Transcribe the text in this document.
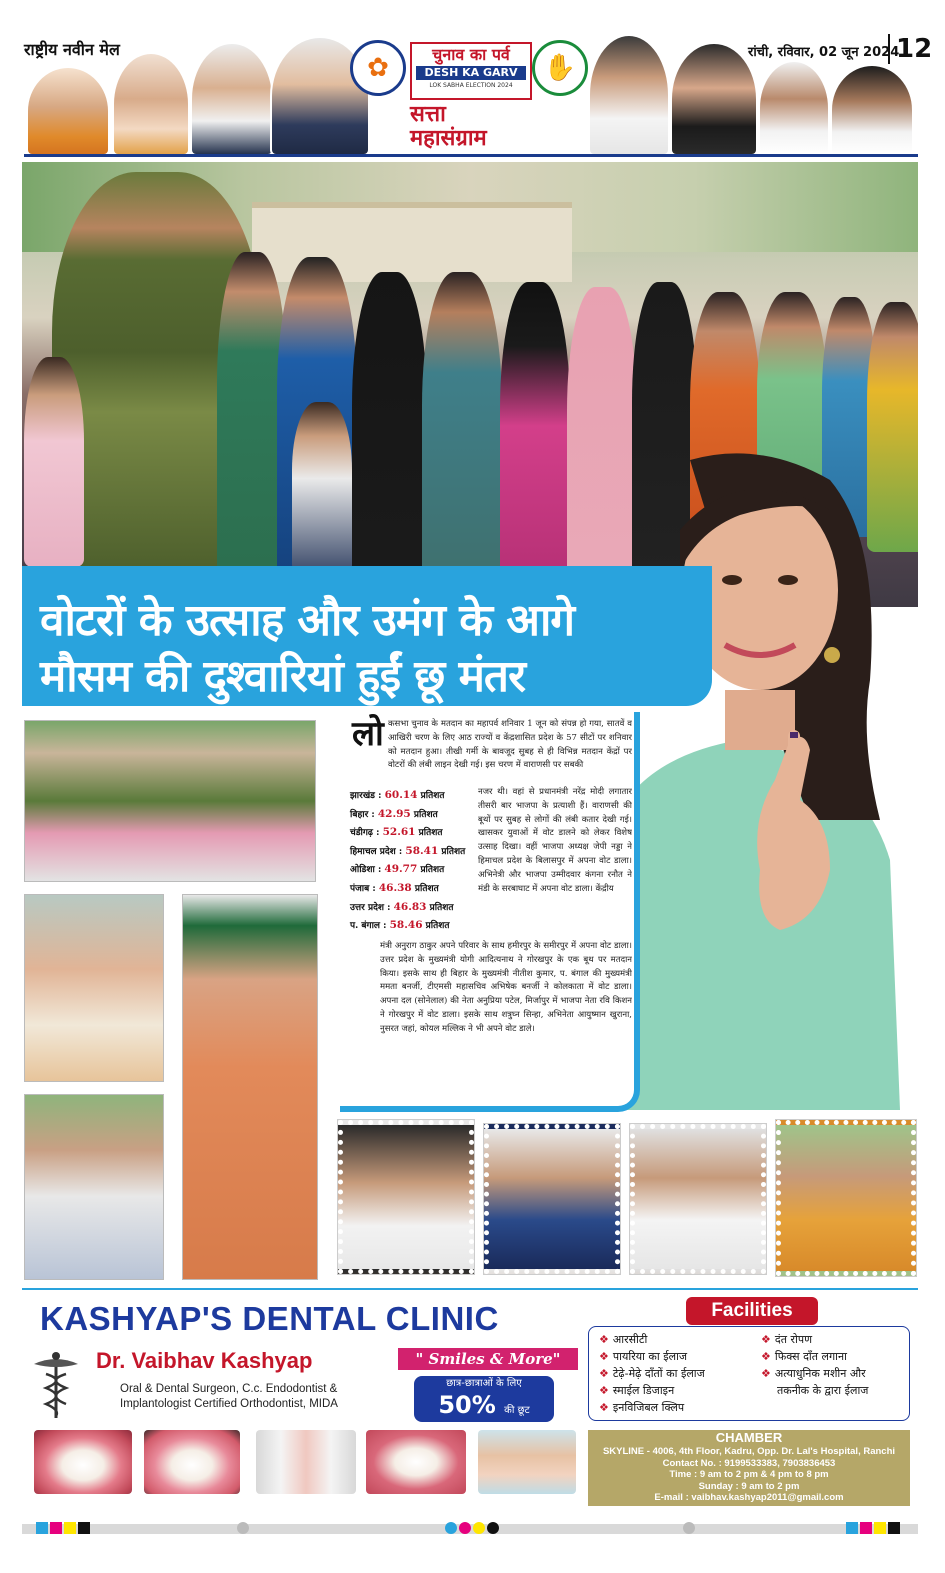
राष्ट्रीय नवीन मेल
✿	चुनाव का पर्व
DESH KA GARV
LOK SABHA ELECTION 2024
सत्ता
महासंग्राम
✋
रांची, रविवार, 02 जून 2024
12
वोटरों के उत्साह और उमंग के आगे
मौसम की दुश्वारियां हुईं छू मंतर
लो कसभा चुनाव के मतदान का महापर्व शनिवार 1 जून को संपन्न हो गया, सातवें व आखिरी चरण के लिए आठ राज्यों व केंद्रशासित प्रदेश के 57 सीटों पर शनिवार को मतदान हुआ। तीखी गर्मी के बावजूद सुबह से ही विभिन्न मतदान केंद्रों पर वोटरों की लंबी लाइन देखी गई। इस चरण में वाराणसी पर सबकी
नजर थी। वहां से प्रधानमंत्री नरेंद्र मोदी लगातार तीसरी बार भाजपा के प्रत्याशी हैं। वाराणसी की बूथों पर सुबह से लोगों की लंबी कतार देखी गई। खासकर युवाओं में वोट डालने को लेकर विशेष उत्साह दिखा। वहीं भाजपा अध्यक्ष जेपी नड्डा ने हिमाचल प्रदेश के बिलासपुर में अपना वोट डाला। अभिनेत्री और भाजपा उम्मीदवार कंगना रनौत ने मंडी के सरबाघाट में अपना वोट डाला। केंद्रीय
मंत्री अनुराग ठाकुर अपने परिवार के साथ हमीरपुर के समीरपुर में अपना वोट डाला। उत्तर प्रदेश के मुख्यमंत्री योगी आदित्यनाथ ने गोरखपुर के एक बूथ पर मतदान किया। इसके साथ ही बिहार के मुख्यमंत्री नीतीश कुमार, प. बंगाल की मुख्यमंत्री ममता बनर्जी, टीएमसी महासचिव अभिषेक बनर्जी ने कोलकाता में वोट डाला। अपना दल (सोनेलाल) की नेता अनुप्रिया पटेल, मिर्जापुर में भाजपा नेता रवि किशन ने गोरखपुर में वोट डाला। इसके साथ शत्रुघ्न सिन्हा, अभिनेता आयुष्मान खुराना, नुसरत जहां, कोयल मल्लिक ने भी अपने वोट डाले।
झारखंड : 60.14 प्रतिशत
बिहार : 42.95 प्रतिशत
चंडीगढ़ : 52.61 प्रतिशत
हिमाचल प्रदेश : 58.41 प्रतिशत
ओडिशा : 49.77 प्रतिशत
पंजाब : 46.38 प्रतिशत
उत्तर प्रदेश : 46.83 प्रतिशत
प. बंगाल : 58.46 प्रतिशत
KASHYAP'S DENTAL CLINIC
Dr. Vaibhav Kashyap
Oral & Dental Surgeon, C.c. Endodontist &
Implantologist Certified Orthodontist, MIDA
" Smiles & More"
छात्र-छात्राओं के लिए
50% की छूट
❖ आरसीटी
❖ पायरिया का ईलाज
❖ टेढ़े-मेढ़े दाँतों का ईलाज
❖ स्माईल डिजाइन
❖ इनविजिबल क्लिप
❖ दंत रोपण
❖ फिक्स दाँत लगाना
❖ अत्याधुनिक मशीन और
तकनीक के द्वारा ईलाज
Facilities
CHAMBER
SKYLINE - 4006, 4th Floor, Kadru, Opp. Dr. Lal's Hospital, Ranchi
Contact No. : 9199533383, 7903836453
Time : 9 am to 2 pm & 4 pm to 8 pm
Sunday : 9 am to 2 pm
E-mail : vaibhav.kashyap2011@gmail.com
